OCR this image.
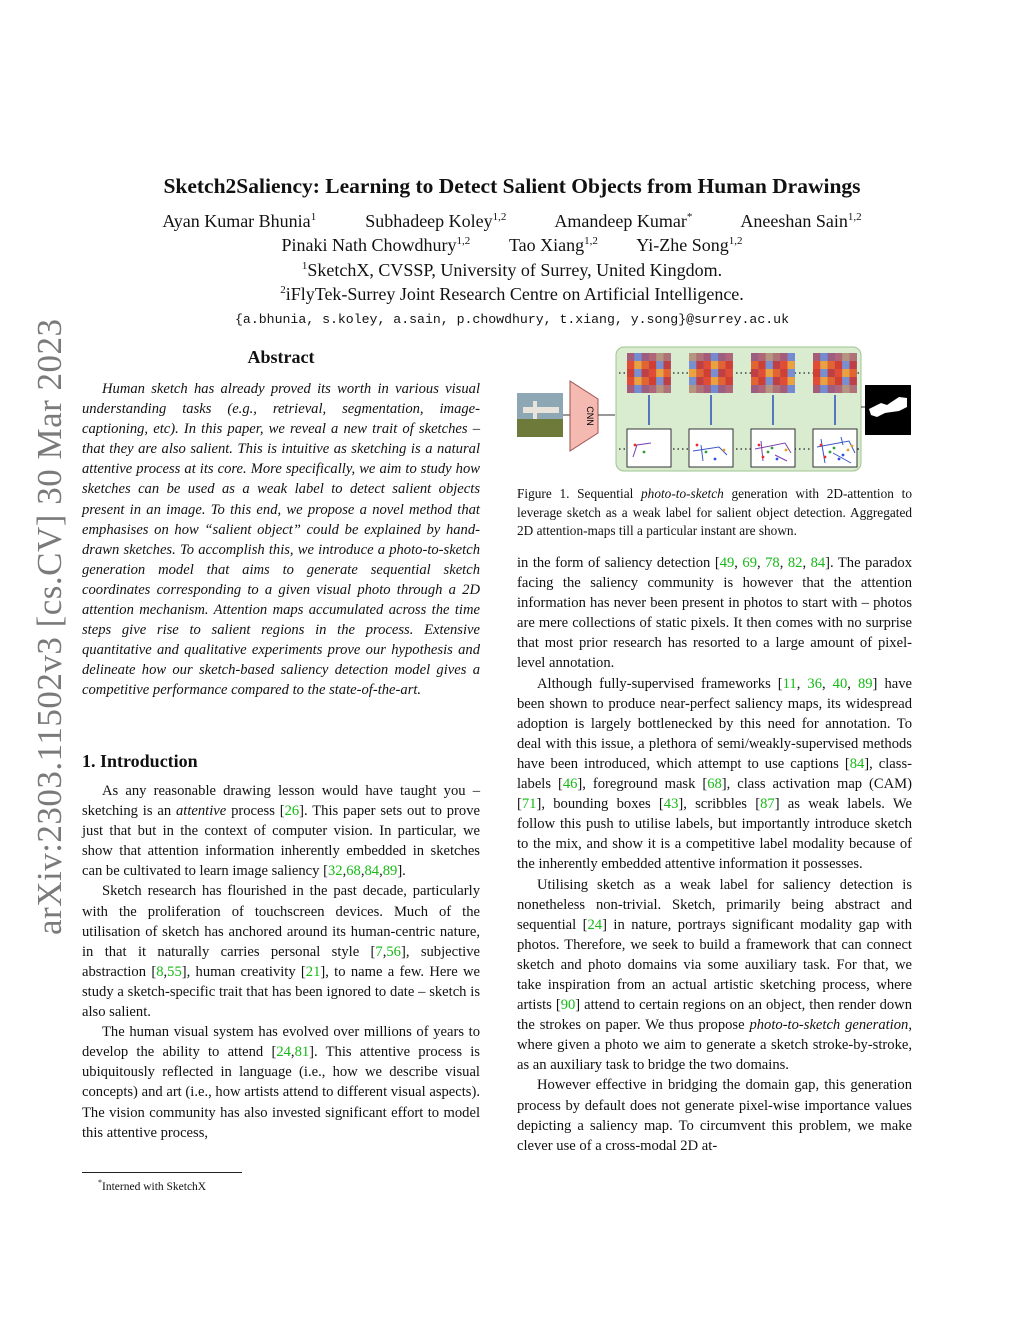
arXiv:2303.11502v3 [cs.CV] 30 Mar 2023
Sketch2Saliency: Learning to Detect Salient Objects from Human Drawings
Ayan Kumar Bhunia$^1$	Subhadeep Koley$^{1,2}$	Amandeep Kumar*	Aneeshan Sain$^{1,2}$
Pinaki Nath Chowdhury$^{1,2}$ Tao Xiang$^{1,2}$ Yi-Zhe Song$^{1,2}$
$^1$SketchX, CVSSP, University of Surrey, United Kingdom.
$^2$iFlyTek-Surrey Joint Research Centre on Artificial Intelligence.
{a.bhunia, s.koley, a.sain, p.chowdhury, t.xiang, y.song}@surrey.ac.uk
Abstract
Human sketch has already proved its worth in various visual understanding tasks (e.g., retrieval, segmentation, image-captioning, etc). In this paper, we reveal a new trait of sketches – that they are also salient. This is intuitive as sketching is a natural attentive process at its core. More specifically, we aim to study how sketches can be used as a weak label to detect salient objects present in an image. To this end, we propose a novel method that emphasises on how “salient object” could be explained by hand-drawn sketches. To accomplish this, we introduce a photo-to-sketch generation model that aims to generate sequential sketch coordinates corresponding to a given visual photo through a 2D attention mechanism. Attention maps accumulated across the time steps give rise to salient regions in the process. Extensive quantitative and qualitative experiments prove our hypothesis and delineate how our sketch-based saliency detection model gives a competitive performance compared to the state-of-the-art.
1. Introduction

As any reasonable drawing lesson would have taught you – sketching is an attentive process [26]. This paper sets out to prove just that but in the context of computer vision. In particular, we show that attention information inherently embedded in sketches can be cultivated to learn image saliency [32,68,84,89].

Sketch research has flourished in the past decade, particularly with the proliferation of touchscreen devices. Much of the utilisation of sketch has anchored around its human-centric nature, in that it naturally carries personal style [7,56], subjective abstraction [8,55], human creativity [21], to name a few. Here we study a sketch-specific trait that has been ignored to date – sketch is also salient.

The human visual system has evolved over millions of years to develop the ability to attend [24,81]. This attentive process is ubiquitously reflected in language (i.e., how we describe visual concepts) and art (i.e., how artists attend to different visual aspects). The vision community has also invested significant effort to model this attentive process,

*Interned with SketchX
CNN
Figure 1. Sequential photo-to-sketch generation with 2D-attention to leverage sketch as a weak label for salient object detection. Aggregated 2D attention-maps till a particular instant are shown.

in the form of saliency detection [49, 69, 78, 82, 84]. The paradox facing the saliency community is however that the attention information has never been present in photos to start with – photos are mere collections of static pixels. It then comes with no surprise that most prior research has resorted to a large amount of pixel-level annotation.

Although fully-supervised frameworks [11, 36, 40, 89] have been shown to produce near-perfect saliency maps, its widespread adoption is largely bottlenecked by this need for annotation. To deal with this issue, a plethora of semi/weakly-supervised methods have been introduced, which attempt to use captions [84], class-labels [46], foreground mask [68], class activation map (CAM) [71], bounding boxes [43], scribbles [87] as weak labels. We follow this push to utilise labels, but importantly introduce sketch to the mix, and show it is a competitive label modality because of the inherently embedded attentive information it possesses.

Utilising sketch as a weak label for saliency detection is nonetheless non-trivial. Sketch, primarily being abstract and sequential [24] in nature, portrays significant modality gap with photos. Therefore, we seek to build a framework that can connect sketch and photo domains via some auxiliary task. For that, we take inspiration from an actual artistic sketching process, where artists [90] attend to certain regions on an object, then render down the strokes on paper. We thus propose photo-to-sketch generation, where given a photo we aim to generate a sketch stroke-by-stroke, as an auxiliary task to bridge the two domains.

However effective in bridging the domain gap, this generation process by default does not generate pixel-wise importance values depicting a saliency map. To circumvent this problem, we make clever use of a cross-modal 2D at-
